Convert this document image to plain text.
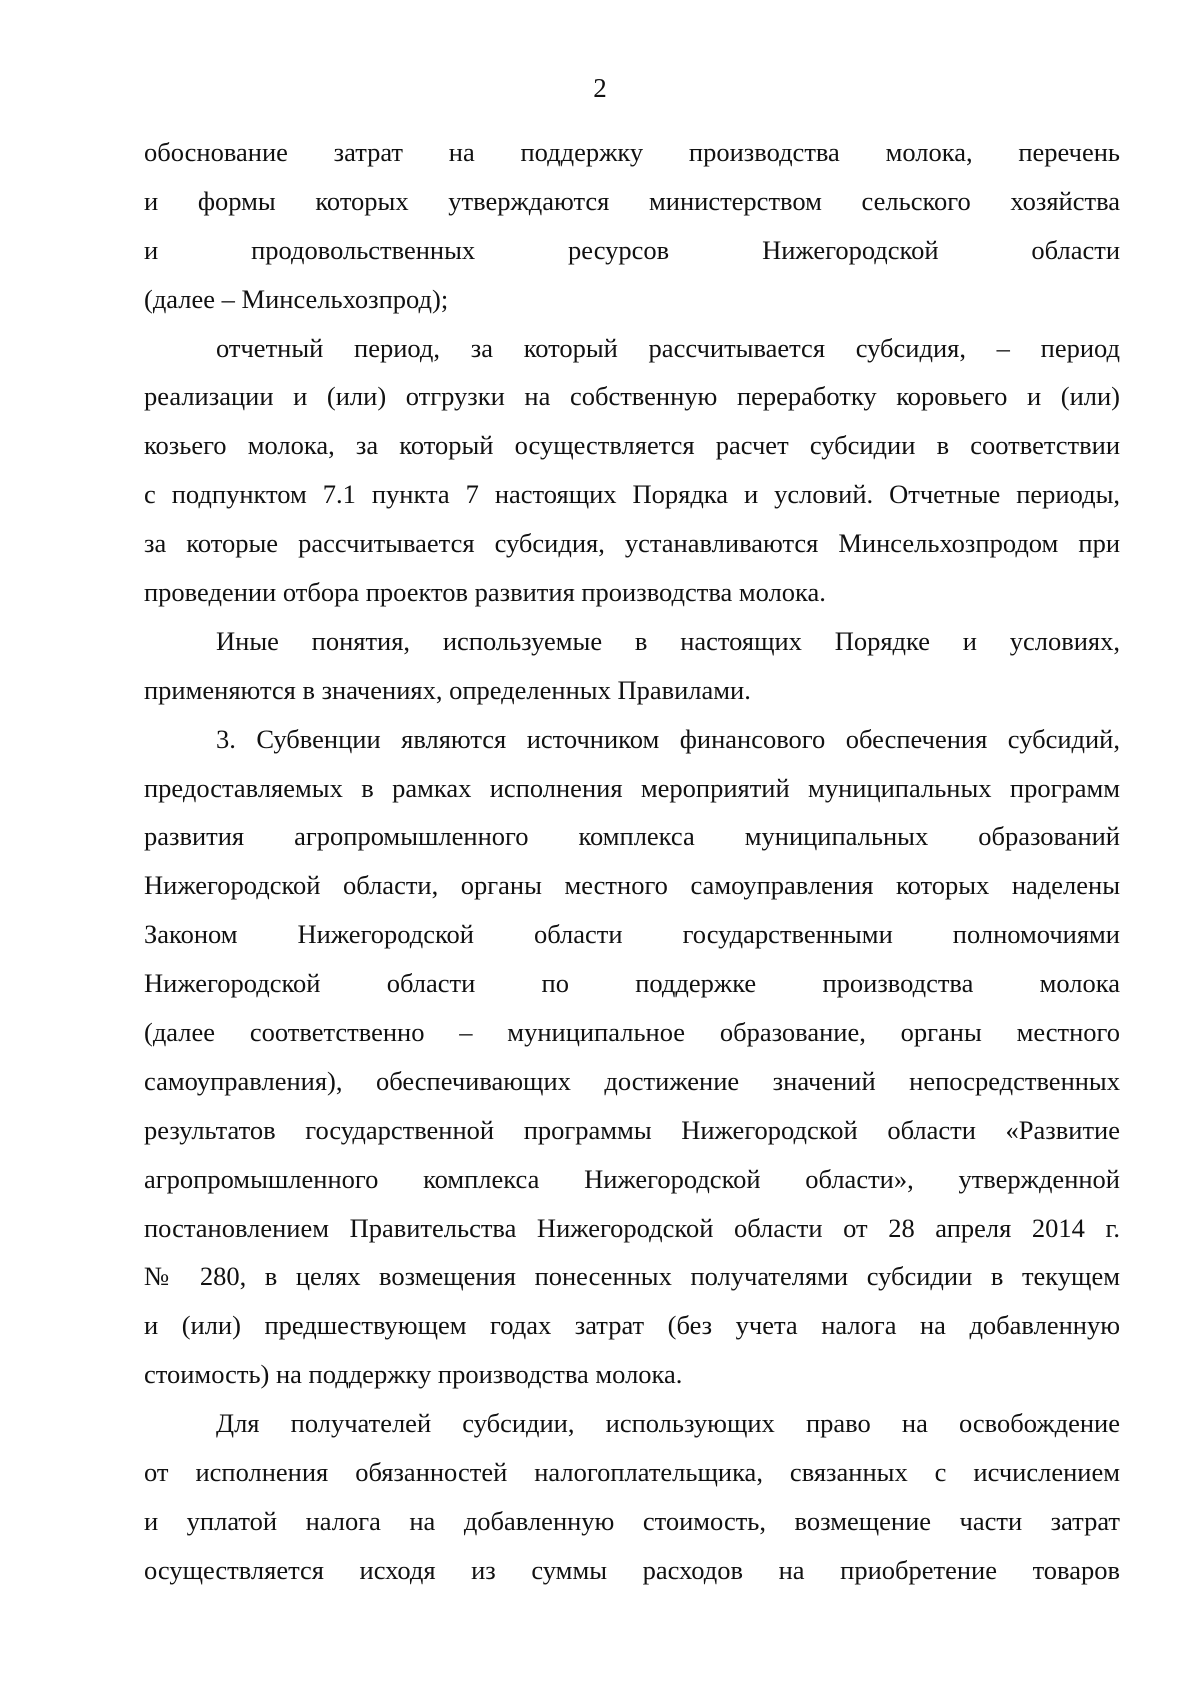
2
обоснование затрат на поддержку производства молока, перечень
и формы которых утверждаются министерством сельского хозяйства
и продовольственных ресурсов Нижегородской области
(далее – Минсельхозпрод);
отчетный период, за который рассчитывается субсидия, – период
реализации и (или) отгрузки на собственную переработку коровьего и (или)
козьего молока, за который осуществляется расчет субсидии в соответствии
с подпунктом 7.1 пункта 7 настоящих Порядка и условий. Отчетные периоды,
за которые рассчитывается субсидия, устанавливаются Минсельхозпродом при
проведении отбора проектов развития производства молока.
Иные понятия, используемые в настоящих Порядке и условиях,
применяются в значениях, определенных Правилами.
3. Субвенции являются источником финансового обеспечения субсидий,
предоставляемых в рамках исполнения мероприятий муниципальных программ
развития агропромышленного комплекса муниципальных образований
Нижегородской области, органы местного самоуправления которых наделены
Законом Нижегородской области государственными полномочиями
Нижегородской области по поддержке производства молока
(далее соответственно – муниципальное образование, органы местного
самоуправления), обеспечивающих достижение значений непосредственных
результатов государственной программы Нижегородской области «Развитие
агропромышленного комплекса Нижегородской области», утвержденной
постановлением Правительства Нижегородской области от 28 апреля 2014 г.
№ 280, в целях возмещения понесенных получателями субсидии в текущем
и (или) предшествующем годах затрат (без учета налога на добавленную
стоимость) на поддержку производства молока.
Для получателей субсидии, использующих право на освобождение
от исполнения обязанностей налогоплательщика, связанных с исчислением
и уплатой налога на добавленную стоимость, возмещение части затрат
осуществляется исходя из суммы расходов на приобретение товаров
